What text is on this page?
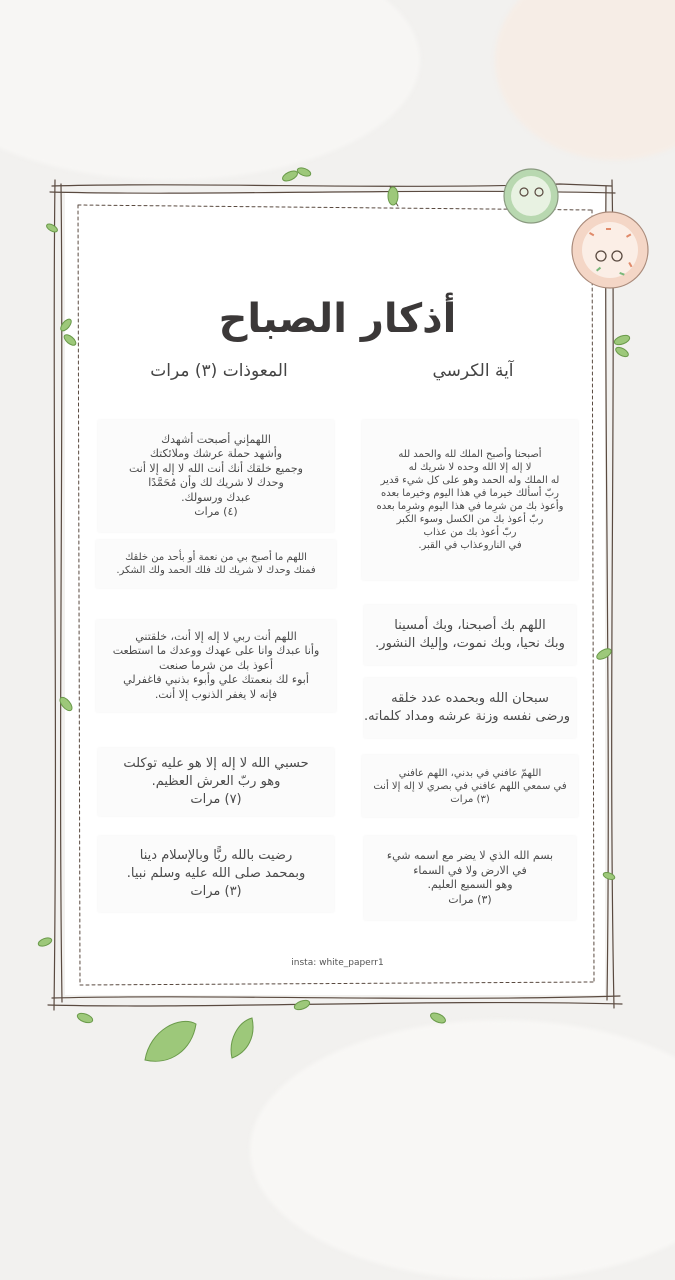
أذكار الصباح
آية الكرسي
المعوذات (٣) مرات
أصبحنا وأصبح الملك لله والحمد لله
لا إله إلا الله وحده لا شريك له
له الملك وله الحمد وهو على كل شيء قدير
ربّ أسألك خيرما في هذا اليوم وخيرما بعده
وأعوذ بك من شرِما في هذا اليوم وشرِما بعده
ربّ أعوذ بك من الكسل وسوء الكبر
ربّ أعوذ بك من عذاب
في الناروعذاب في القبر.
اللهم بك أصبحنا، وبك أمسينا
وبك نحيا، وبك نموت، وإليك النشور.
سبحان الله وبحمده عدد خلقه
ورضى نفسه وزنة عرشه ومداد كلماته.
اللهمّ عافني في بدني، اللهم عافني
في سمعي اللهم عافني في بصري لا إله إلا أنت
(٣) مرات
بسم الله الذي لا يضر مع اسمه شيء
في الارض ولا في السماء
وهو السميع العليم.
(٣) مرات
اللهمإني أصبحت أشهدك
وأشهد حملة عرشك وملائكتك
وجميع خلقك أنك أنت الله لا إله إلا أنت
وحدك لا شريك لك وأن مُحَمَّدًا
عبدك ورسولك.
(٤) مرات
اللهم ما أصبح بي من نعمة أو بأحد من خلقك
فمنك وحدك لا شريك لك فلك الحمد ولك الشكر.
اللهم أنت ربي لا إله إلا أنت، خلقتني
وأنا عبدك وانا على عهدك ووعدك ما استطعت
أعوذ بك من شرما صنعت
أبوء لك بنعمتك علي وأبوء بذنبي فاغفرلي
فإنه لا يغفر الذنوب إلا أنت.
حسبي الله لا إله إلا هو عليه توكلت
وهو ربّ العرش العظيم.
(٧) مرات
رضيت بالله ربًّا وبالإسلام دينا
وبمحمد صلى الله عليه وسلم نبيا.
(٣) مرات
insta: white_paperr1
